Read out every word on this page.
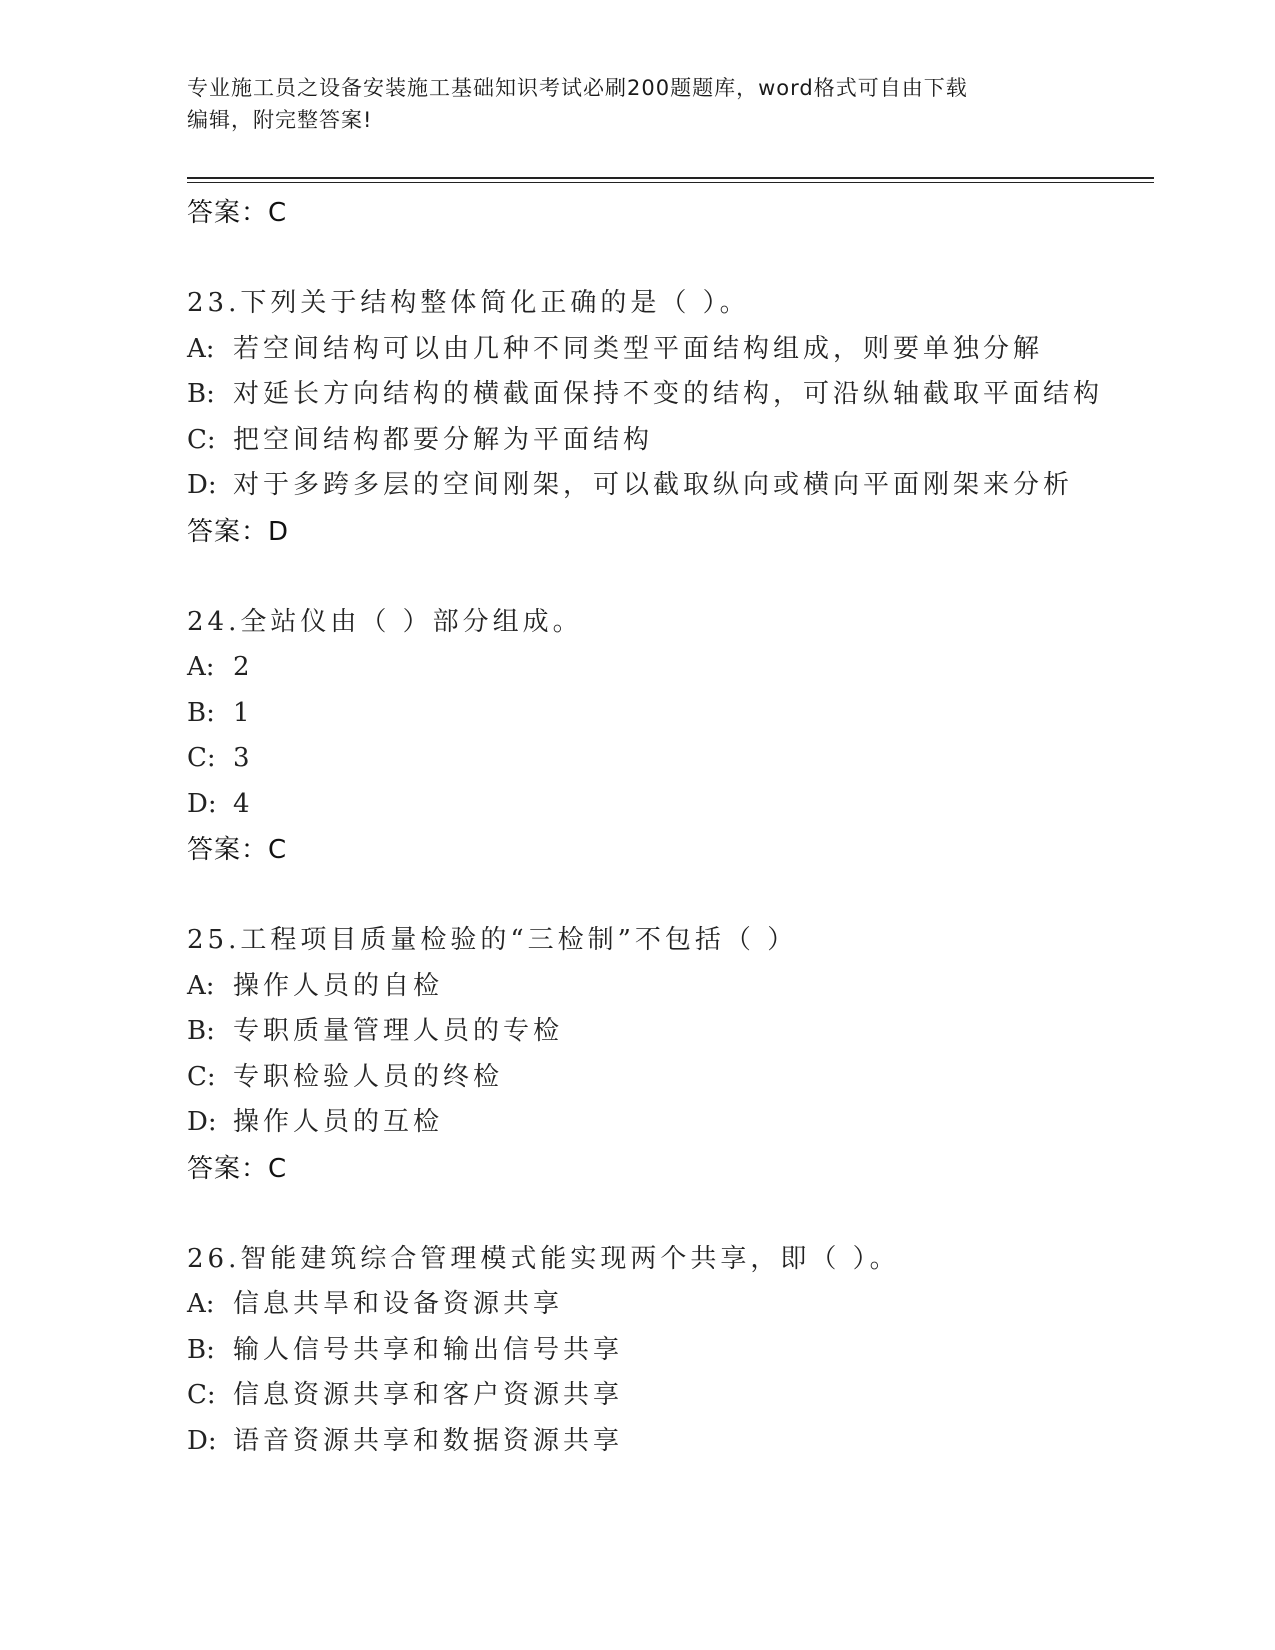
专业施工员之设备安装施工基础知识考试必刷200题题库，word格式可自由下载
编辑，附完整答案!
答案：C
23.下列关于结构整体简化正确的是（ ）。
A: 若空间结构可以由几种不同类型平面结构组成，则要单独分解
B: 对延长方向结构的横截面保持不变的结构，可沿纵轴截取平面结构
C: 把空间结构都要分解为平面结构
D: 对于多跨多层的空间刚架，可以截取纵向或横向平面刚架来分析
答案：D
24.全站仪由（ ）部分组成。
A: 2
B: 1
C: 3
D: 4
答案：C
25.工程项目质量检验的“三检制”不包括（ ）
A: 操作人员的自检
B: 专职质量管理人员的专检
C: 专职检验人员的终检
D: 操作人员的互检
答案：C
26.智能建筑综合管理模式能实现两个共享，即（ ）。
A: 信息共旱和设备资源共享
B: 输人信号共享和输出信号共享
C: 信息资源共享和客户资源共享
D: 语音资源共享和数据资源共享
